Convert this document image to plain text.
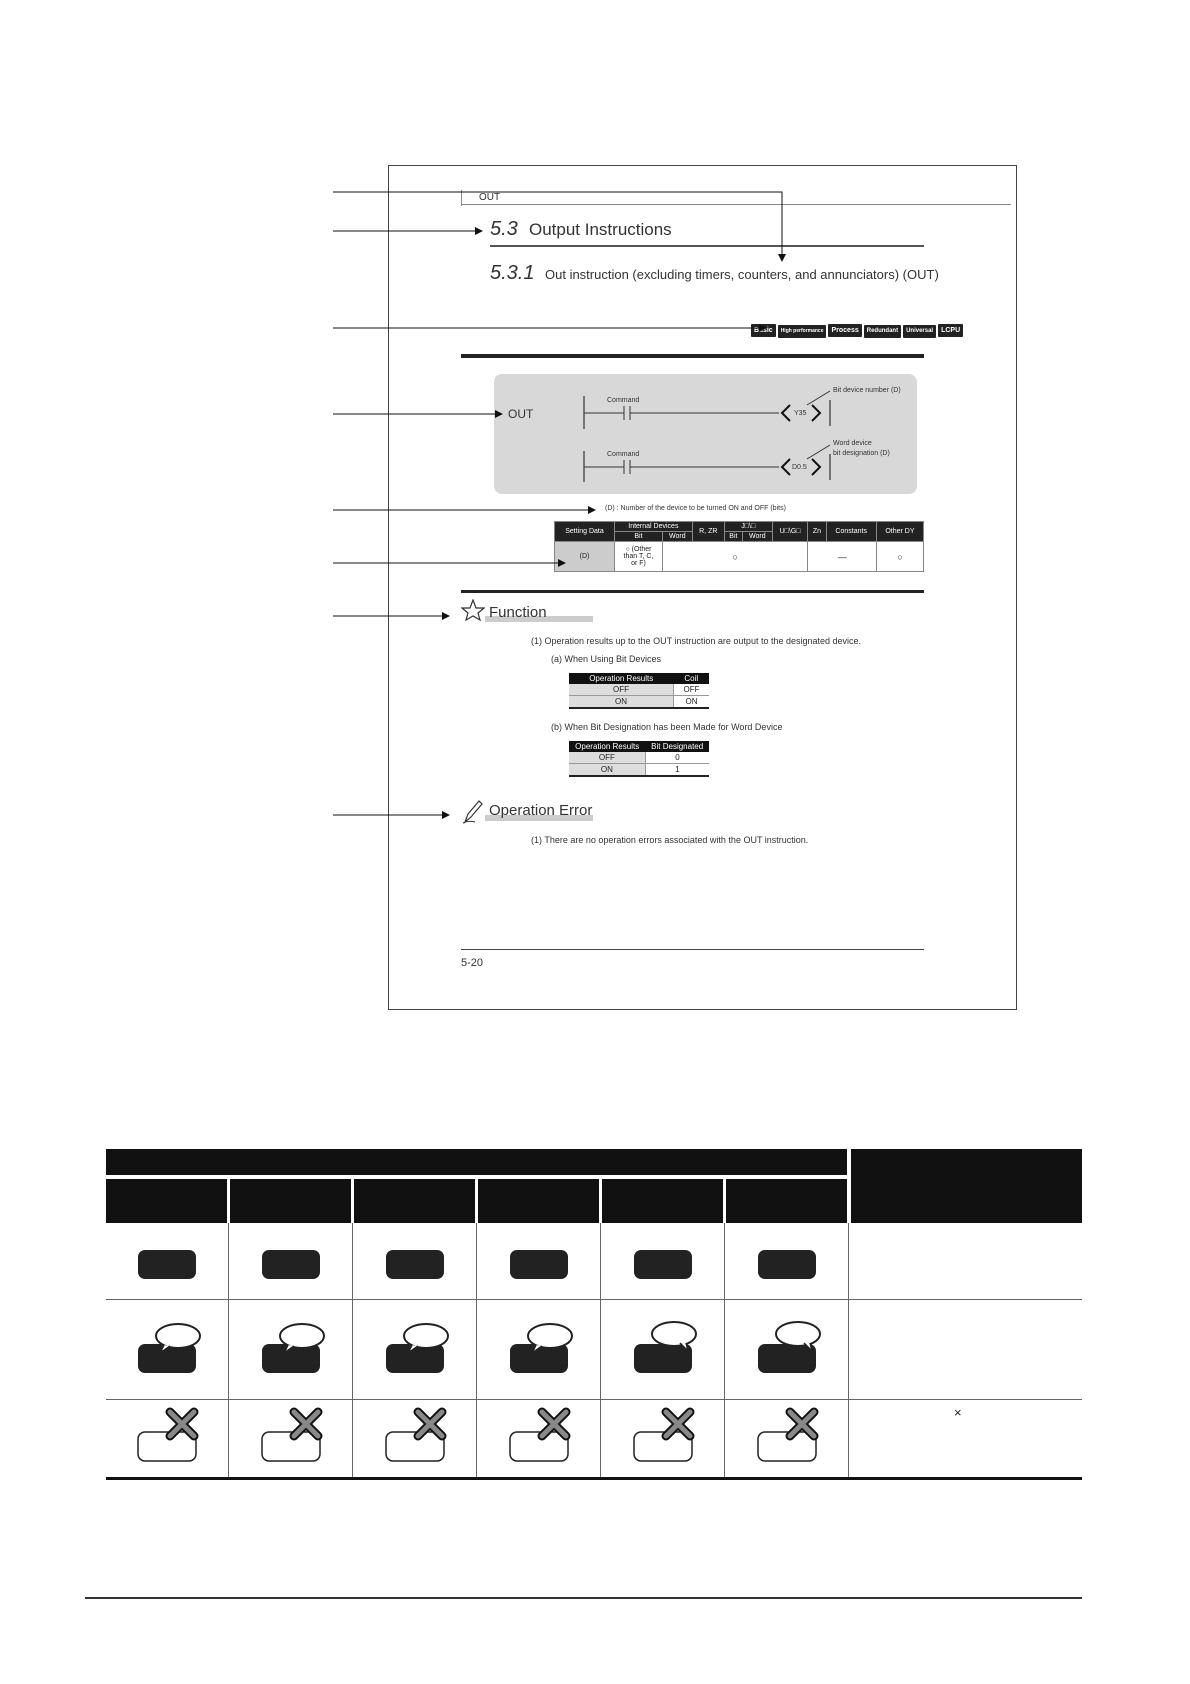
OUT
5.3 Output Instructions
5.3.1 Out instruction (excluding timers, counters, and annunciators) (OUT)
Basic High performance Process Redundant Universal LCPU
OUT
Command
Y35
Bit device number (D)
Command
D0.5
Word device
bit designation (D)
(D) : Number of the device to be turned ON and OFF (bits)
Setting Data	Internal Devices		R, ZR	J□\□		U□\G□	Zn	Constants	Other DY
	Bit	Word		Bit	Word				
(D)	○ (Other
than T, C,
or F)	○					—		○
Function
(1) Operation results up to the OUT instruction are output to the designated device.
(a) When Using Bit Devices
Operation Results	Coil
OFF	OFF
ON	ON
(b) When Bit Designation has been Made for Word Device
Operation Results	Bit Designated
OFF	0
ON	1
Operation Error
(1) There are no operation errors associated with the OUT instruction.
5-20
×
